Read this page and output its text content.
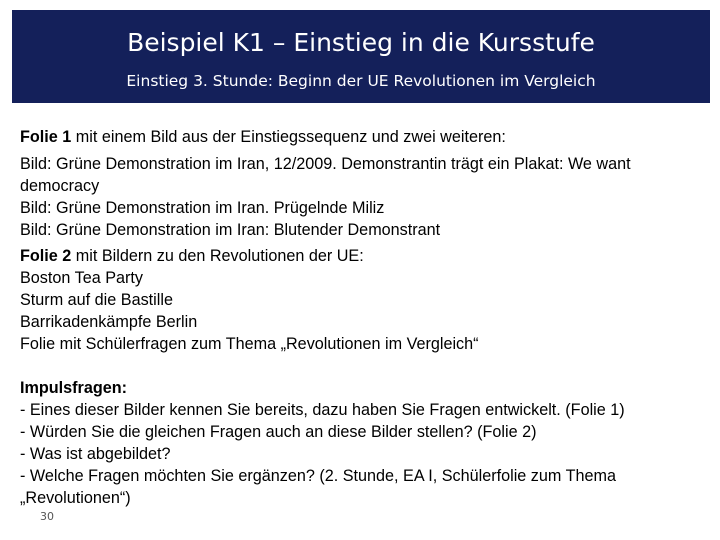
Beispiel K1 – Einstieg in die Kursstufe
Einstieg 3. Stunde: Beginn der UE Revolutionen im Vergleich
Folie 1 mit einem Bild aus der Einstiegssequenz und zwei weiteren:
Bild: Grüne Demonstration im Iran, 12/2009. Demonstrantin trägt ein Plakat: We want democracy
Bild: Grüne Demonstration im Iran. Prügelnde Miliz
Bild: Grüne Demonstration im Iran: Blutender Demonstrant
Folie 2 mit Bildern zu den Revolutionen der UE:
Boston Tea Party
Sturm auf die Bastille
Barrikadenkämpfe Berlin
Folie mit Schülerfragen zum Thema „Revolutionen im Vergleich“
Impulsfragen:
- Eines dieser Bilder kennen Sie bereits, dazu haben Sie Fragen entwickelt. (Folie 1)
- Würden Sie die gleichen Fragen auch an diese Bilder stellen? (Folie 2)
- Was ist abgebildet?
- Welche Fragen möchten Sie ergänzen? (2. Stunde, EA I, Schülerfolie zum Thema „Revolutionen“)
30
